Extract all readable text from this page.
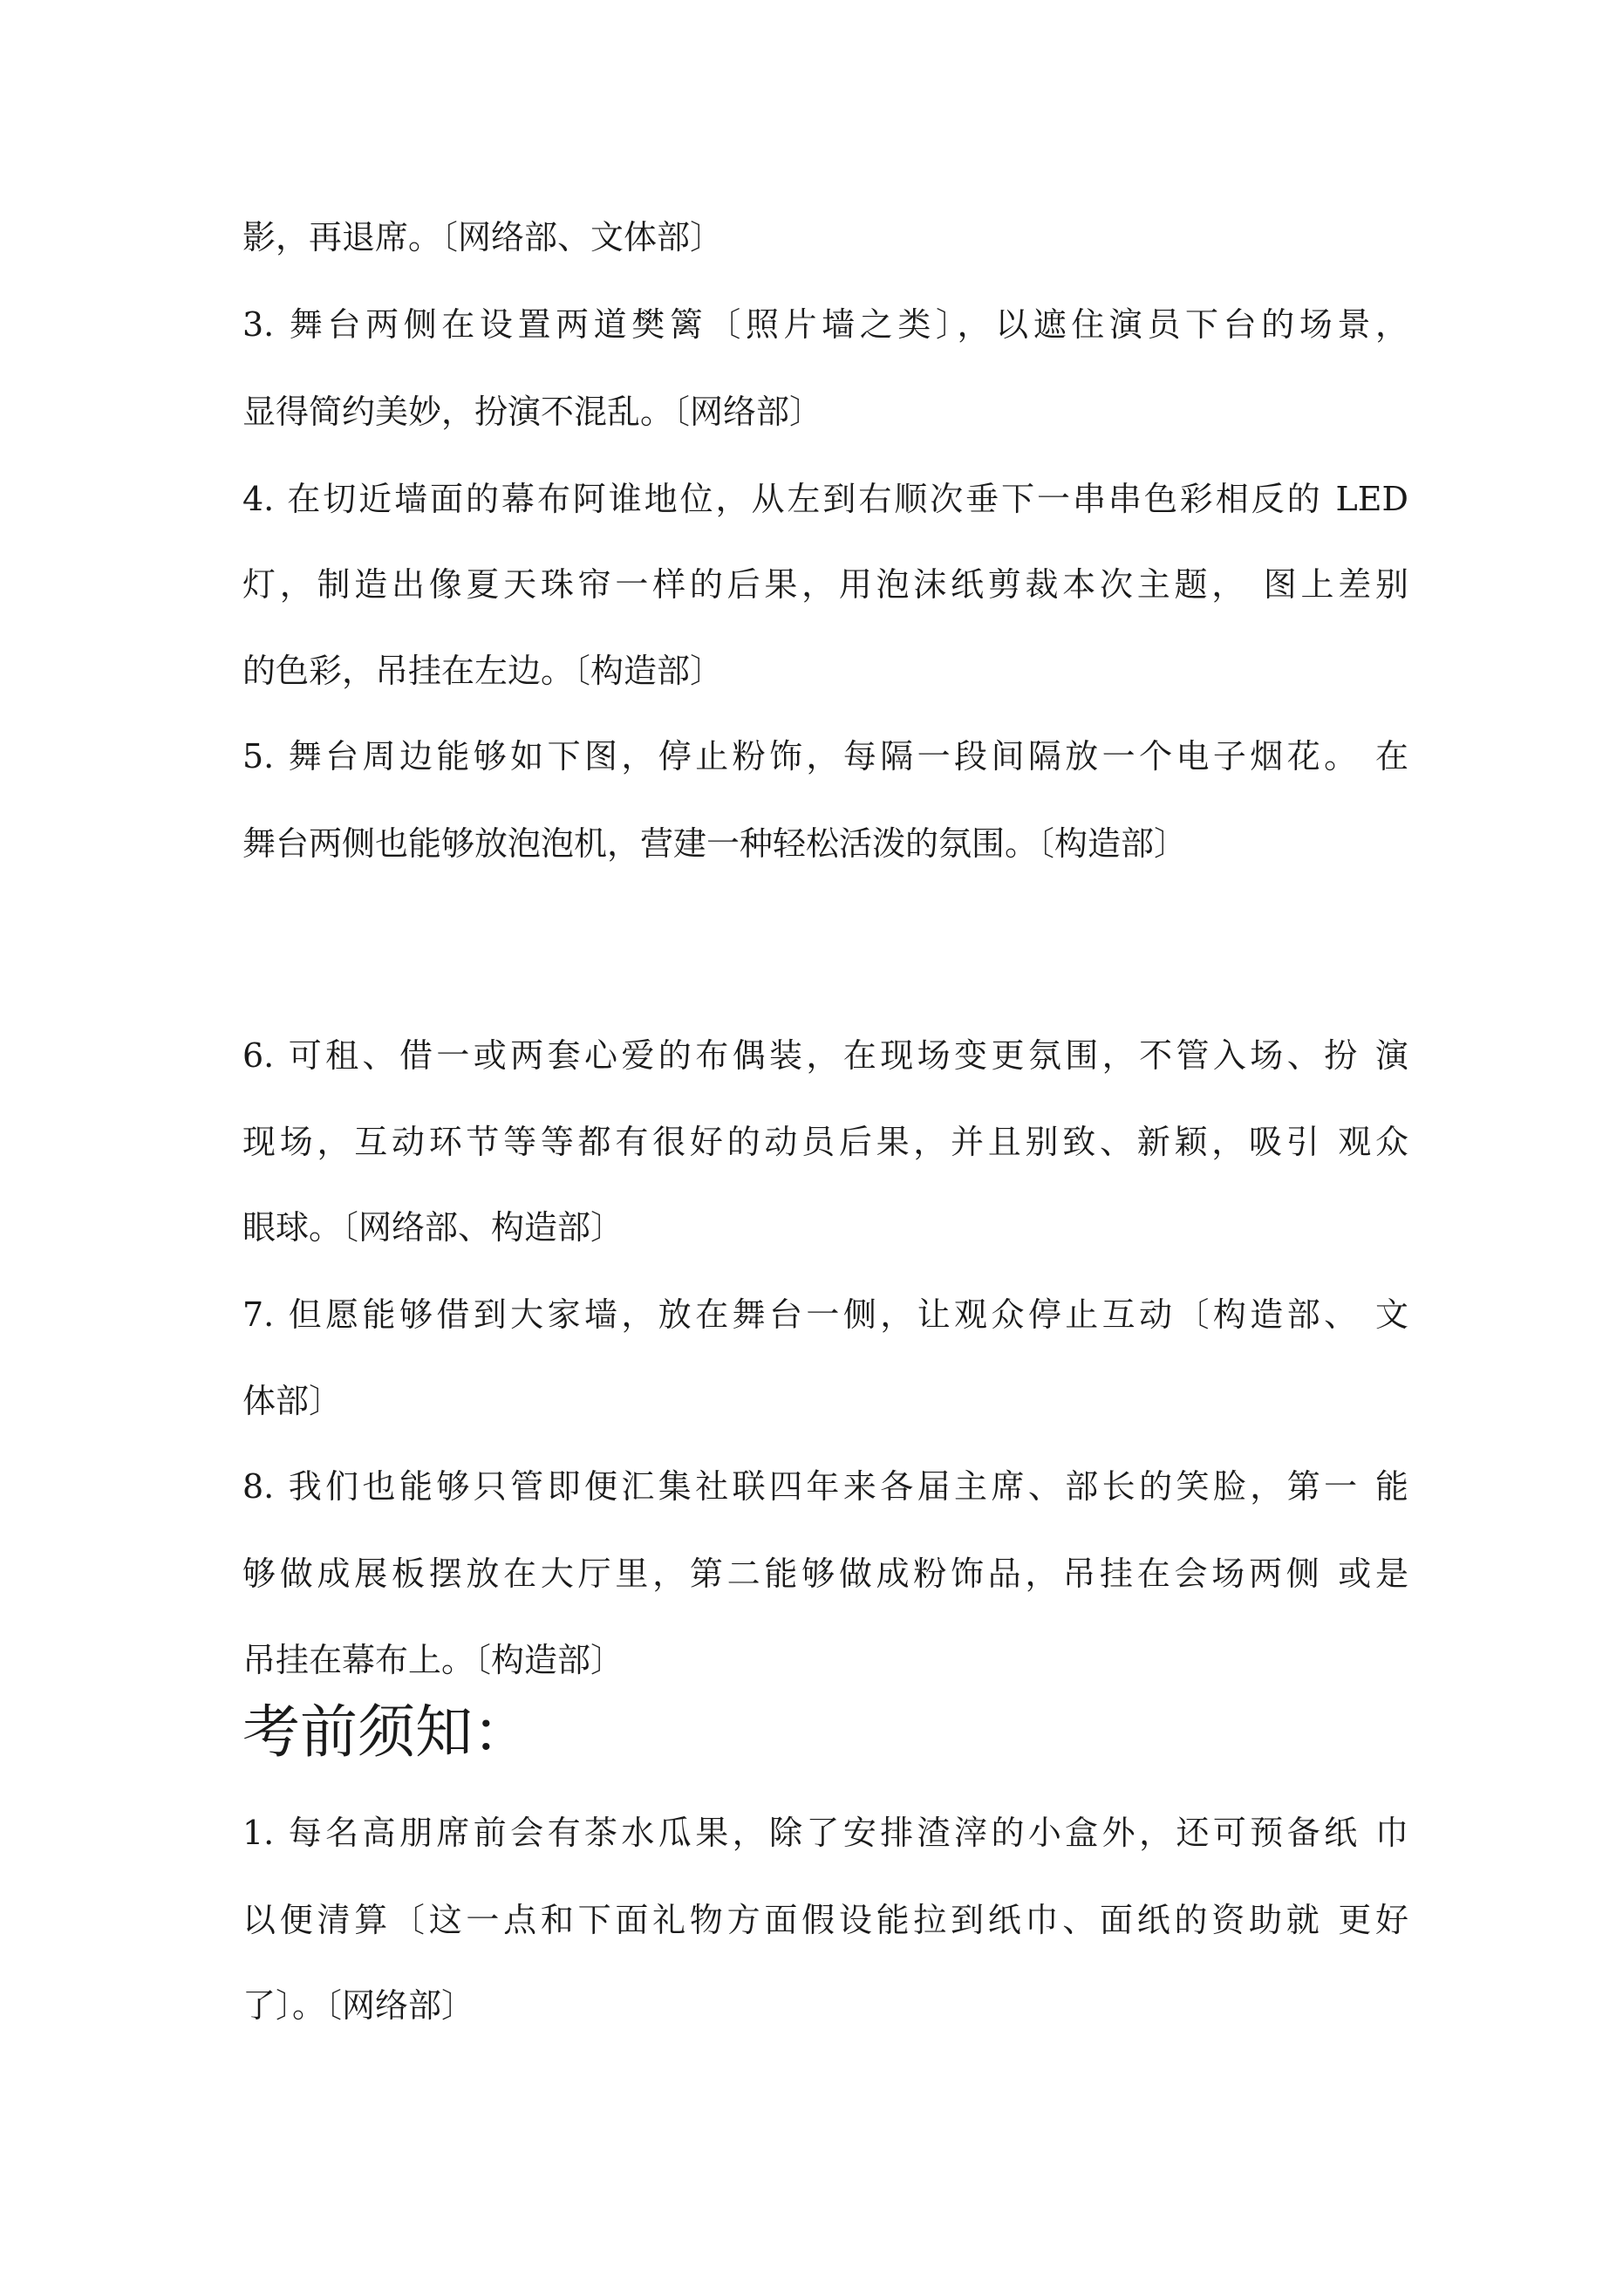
影，再退席。〔网络部、文体部〕
3. 舞台两侧在设置两道樊篱〔照片墙之类〕，以遮住演员下台的场景，
显得简约美妙，扮演不混乱。〔网络部〕
4. 在切近墙面的幕布阿谁地位，从左到右顺次垂下一串串色彩相反的 LED
灯，制造出像夏天珠帘一样的后果，用泡沫纸剪裁本次主题， 图上差别
的色彩，吊挂在左边。〔构造部〕
5. 舞台周边能够如下图，停止粉饰，每隔一段间隔放一个电子烟花。 在
舞台两侧也能够放泡泡机，营建一种轻松活泼的氛围。〔构造部〕
6. 可租、借一或两套心爱的布偶装，在现场变更氛围，不管入场、扮 演
现场，互动环节等等都有很好的动员后果，并且别致、新颖，吸引 观众
眼球。〔网络部、构造部〕
7. 但愿能够借到大家墙，放在舞台一侧，让观众停止互动〔构造部、 文
体部〕
8. 我们也能够只管即便汇集社联四年来各届主席、部长的笑脸，第一 能
够做成展板摆放在大厅里，第二能够做成粉饰品，吊挂在会场两侧 或是
吊挂在幕布上。〔构造部〕
考前须知：
1. 每名高朋席前会有茶水瓜果，除了安排渣滓的小盒外，还可预备纸 巾
以便清算〔这一点和下面礼物方面假设能拉到纸巾、面纸的资助就 更好
了〕。〔网络部〕
